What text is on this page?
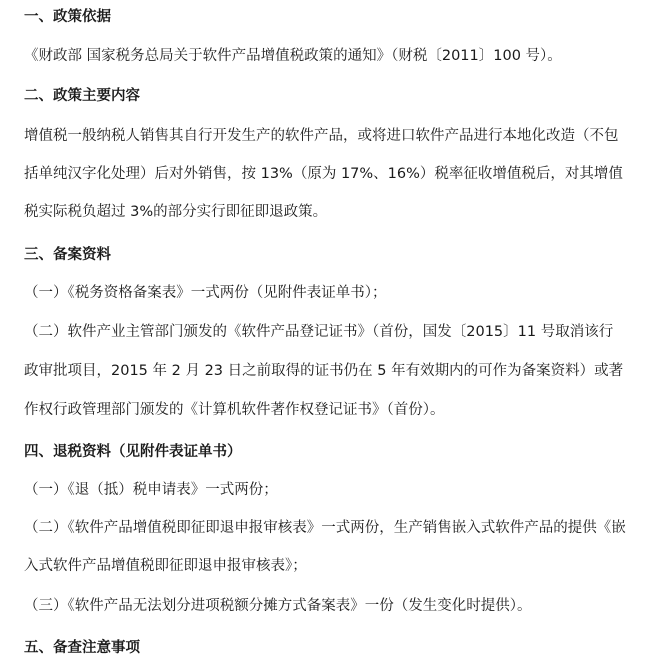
一、政策依据
《财政部 国家税务总局关于软件产品增值税政策的通知》（财税〔2011〕100 号）。
二、政策主要内容
增值税一般纳税人销售其自行开发生产的软件产品，或将进口软件产品进行本地化改造（不包
括单纯汉字化处理）后对外销售，按 13%（原为 17%、16%）税率征收增值税后，对其增值
税实际税负超过 3%的部分实行即征即退政策。
三、备案资料
（一）《税务资格备案表》一式两份（见附件表证单书）；
（二）软件产业主管部门颁发的《软件产品登记证书》（首份，国发〔2015〕11 号取消该行
政审批项目，2015 年 2 月 23 日之前取得的证书仍在 5 年有效期内的可作为备案资料）或著
作权行政管理部门颁发的《计算机软件著作权登记证书》（首份）。
四、退税资料（见附件表证单书）
（一）《退（抵）税申请表》一式两份；
（二）《软件产品增值税即征即退申报审核表》一式两份，生产销售嵌入式软件产品的提供《嵌
入式软件产品增值税即征即退申报审核表》；
（三）《软件产品无法划分进项税额分摊方式备案表》一份（发生变化时提供）。
五、备查注意事项
